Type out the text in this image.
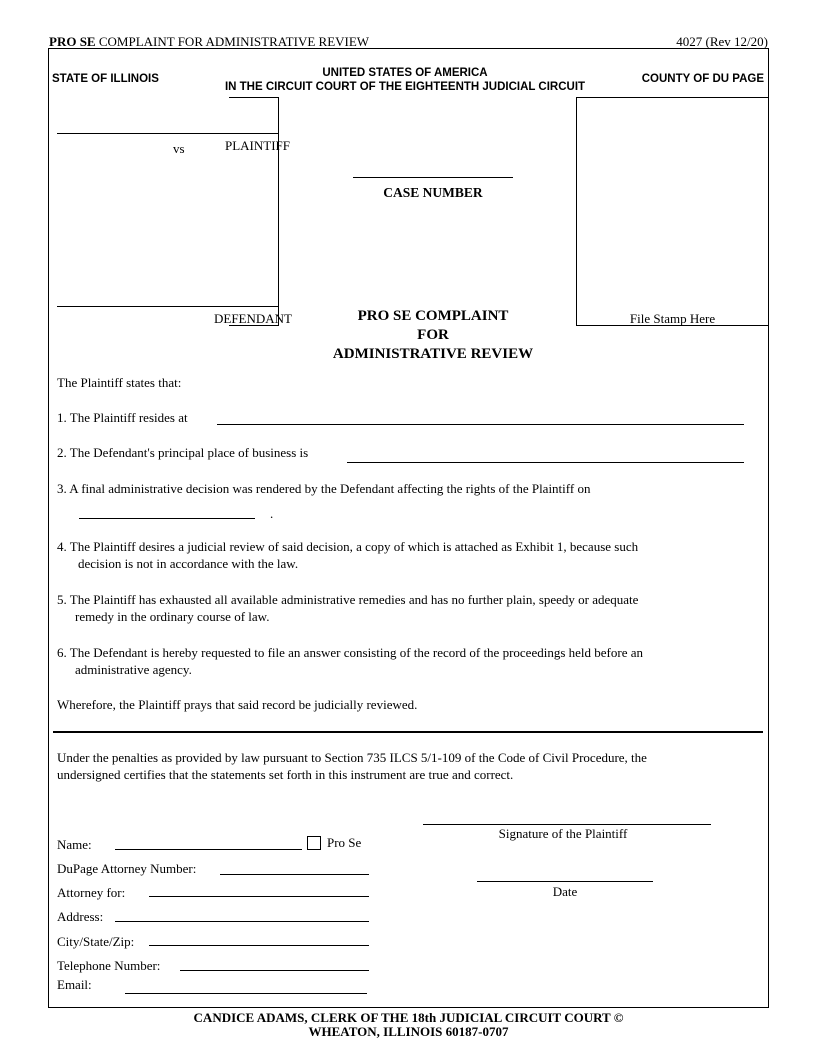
PRO SE COMPLAINT FOR ADMINISTRATIVE REVIEW	4027 (Rev 12/20)
STATE OF ILLINOIS	UNITED STATES OF AMERICA
IN THE CIRCUIT COURT OF THE EIGHTEENTH JUDICIAL CIRCUIT
COUNTY OF DU PAGE
vs	PLAINTIFF
DEFENDANT
CASE NUMBER
File Stamp Here
PRO SE COMPLAINT
FOR
ADMINISTRATIVE REVIEW
The Plaintiff states that:
1. The Plaintiff resides at
2. The Defendant's principal place of business is
3. A final administrative decision was rendered by the Defendant affecting the rights of the Plaintiff on
.
4. The Plaintiff desires a judicial review of said decision, a copy of which is attached as Exhibit 1, because such
decision is not in accordance with the law.
5. The Plaintiff has exhausted all available administrative remedies and has no further plain, speedy or adequate
remedy in the ordinary course of law.
6. The Defendant is hereby requested to file an answer consisting of the record of the proceedings held before an
administrative agency.
Wherefore, the Plaintiff prays that said record be judicially reviewed.
Under the penalties as provided by law pursuant to Section 735 ILCS 5/1-109 of the Code of Civil Procedure, the
undersigned certifies that the statements set forth in this instrument are true and correct.
Signature of the Plaintiff
Date
Name:	Pro Se
DuPage Attorney Number:
Attorney for:
Address:
City/State/Zip:
Telephone Number:
Email:
CANDICE ADAMS, CLERK OF THE 18th JUDICIAL CIRCUIT COURT ©
WHEATON, ILLINOIS 60187-0707
